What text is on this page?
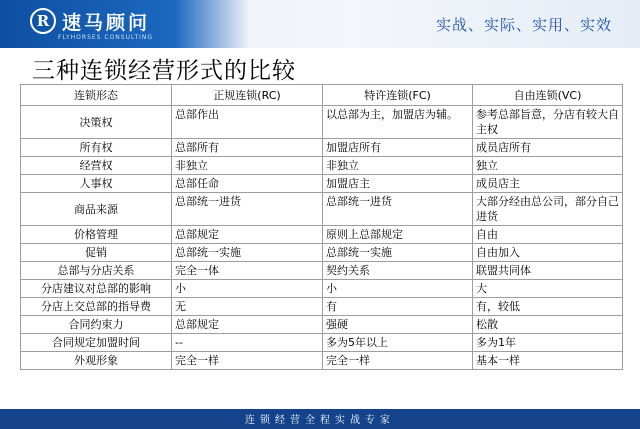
R 速马顾问
FLYHORSES CONSULTING
实战、实际、实用、实效
三种连锁经营形式的比较
连锁形态	正规连锁(RC)	特许连锁(FC)	自由连锁(VC)
决策权	总部作出	以总部为主，加盟店为辅。	参考总部旨意，分店有较大自主权
所有权	总部所有	加盟店所有	成员店所有
经营权	非独立	非独立	独立
人事权	总部任命	加盟店主	成员店主
商品来源	总部统一进货	总部统一进货	大部分经由总公司，部分自己进货
价格管理	总部规定	原则上总部规定	自由
促销	总部统一实施	总部统一实施	自由加入
总部与分店关系	完全一体	契约关系	联盟共同体
分店建议对总部的影响	小	小	大
分店上交总部的指导费	无	有	有，较低
合同约束力	总部规定	强硬	松散
合同规定加盟时间	--	多为5年以上	多为1年
外观形象	完全一样	完全一样	基本一样
连锁经营全程实战专家
